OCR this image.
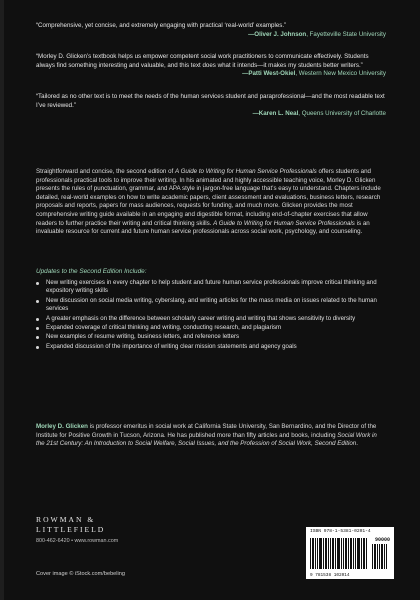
“Comprehensive, yet concise, and extremely engaging with practical ‘real-world’ examples.”
—Oliver J. Johnson, Fayetteville State University

“Morley D. Glicken’s textbook helps us empower competent social work practitioners to communicate effectively. Students always find something interesting and valuable, and this text does what it intends—it makes my students better writers.”
—Patti West-Okiel, Western New Mexico University

“Tailored as no other text is to meet the needs of the human services student and paraprofessional—and the most readable text I’ve reviewed.”
—Karen L. Neal, Queens University of Charlotte

Straightforward and concise, the second edition of A Guide to Writing for Human Service Professionals offers students and professionals practical tools to improve their writing. In his animated and highly accessible teaching voice, Morley D. Glicken presents the rules of punctuation, grammar, and APA style in jargon-free language that’s easy to understand. Chapters include detailed, real-world examples on how to write academic papers, client assessment and evaluations, business letters, research proposals and reports, papers for mass audiences, requests for funding, and much more. Glicken provides the most comprehensive writing guide available in an engaging and digestible format, including end-of-chapter exercises that allow readers to further practice their writing and critical thinking skills. A Guide to Writing for Human Service Professionals is an invaluable resource for current and future human service professionals across social work, psychology, and counseling.
Updates to the Second Edition Include:
New writing exercises in every chapter to help student and future human service professionals improve critical thinking and expository writing skills
New discussion on social media writing, cyberslang, and writing articles for the mass media on issues related to the human services
A greater emphasis on the difference between scholarly career writing and writing that shows sensitivity to diversity
Expanded coverage of critical thinking and writing, conducting research, and plagiarism
New examples of resume writing, business letters, and reference letters
Expanded discussion of the importance of writing clear mission statements and agency goals
Morley D. Glicken is professor emeritus in social work at California State University, San Bernardino, and the Director of the Institute for Positive Growth in Tucson, Arizona. He has published more than fifty articles and books, including Social Work in the 21st Century: An Introduction to Social Welfare, Social Issues, and the Profession of Social Work, Second Edition.
ROWMAN &
LITTLEFIELD
800-462-6420 • www.rowman.com
Cover image © iStock.com/bebeling
ISBN 978-1-5381-0201-4
90000
9 781538 102014
